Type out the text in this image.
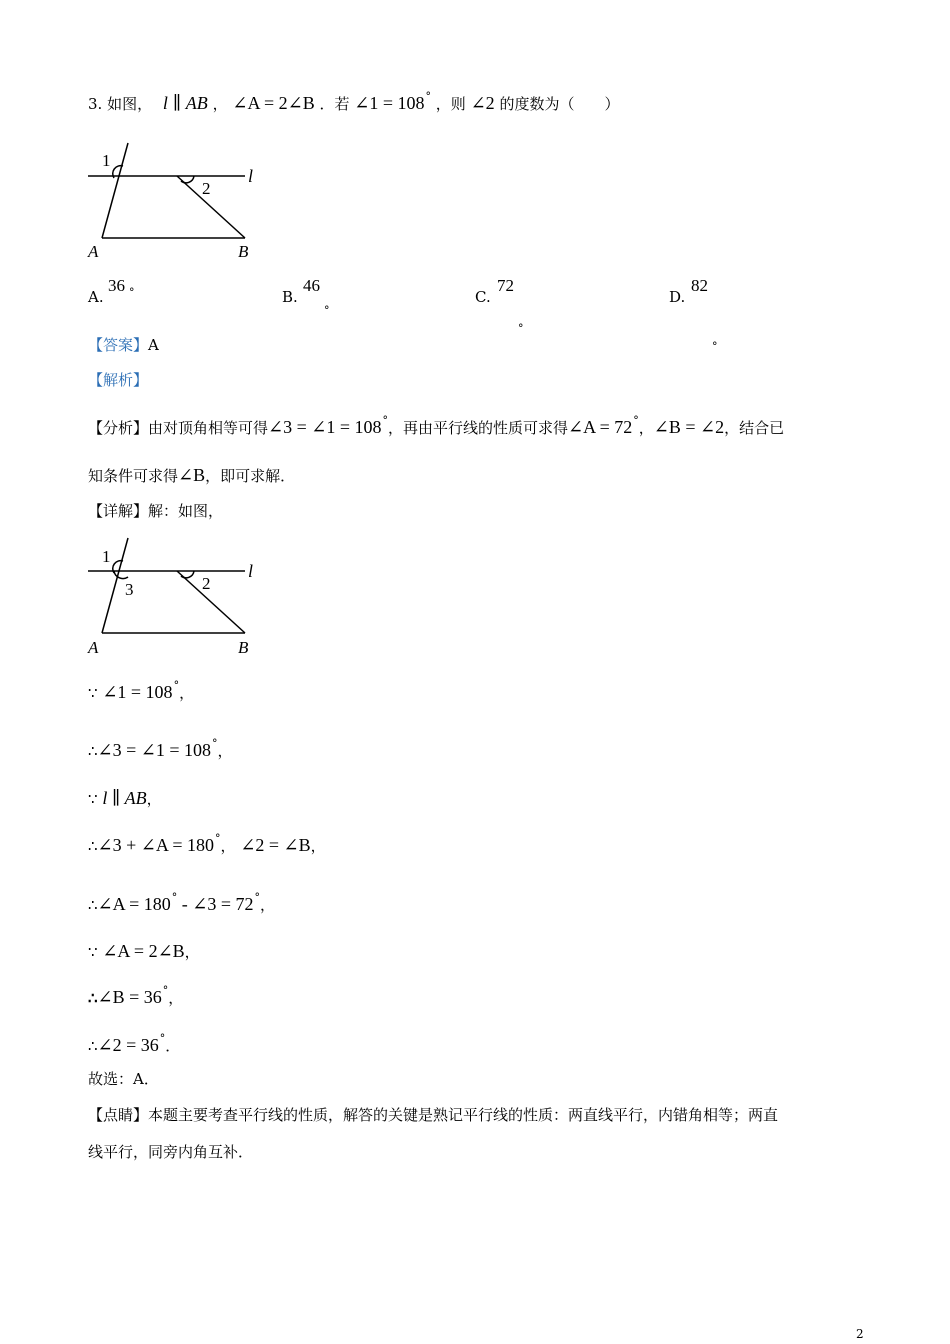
3. 如图， l ∥ AB ， ∠A = 2∠B ．若 ∠1 = 108° ，则 ∠2 的度数为（　　）
1
2
l
A	B
A.
36 $^\circ$	B.
46
$^\circ$
C.
72
$^\circ$
D.
82
$^\circ$
【答案】A
【解析】
【分析】由对顶角相等可得∠3 = ∠1 = 108°，再由平行线的性质可求得∠A = 72°，∠B = ∠2，结合已
知条件可求得∠B，即可求解．
【详解】解：如图，
1
3	2
l
A	B
∵ ∠1 = 108°，
∴∠3 = ∠1 = 108°，
∵ l ∥ AB，
∴∠3 + ∠A = 180°， ∠2 = ∠B，
∴∠A = 180° - ∠3 = 72°，
∵ ∠A = 2∠B，
∴∠B = 36°，
∴∠2 = 36°．
故选：A．
【点睛】本题主要考查平行线的性质，解答的关键是熟记平行线的性质：两直线平行，内错角相等；两直
线平行，同旁内角互补．
2
